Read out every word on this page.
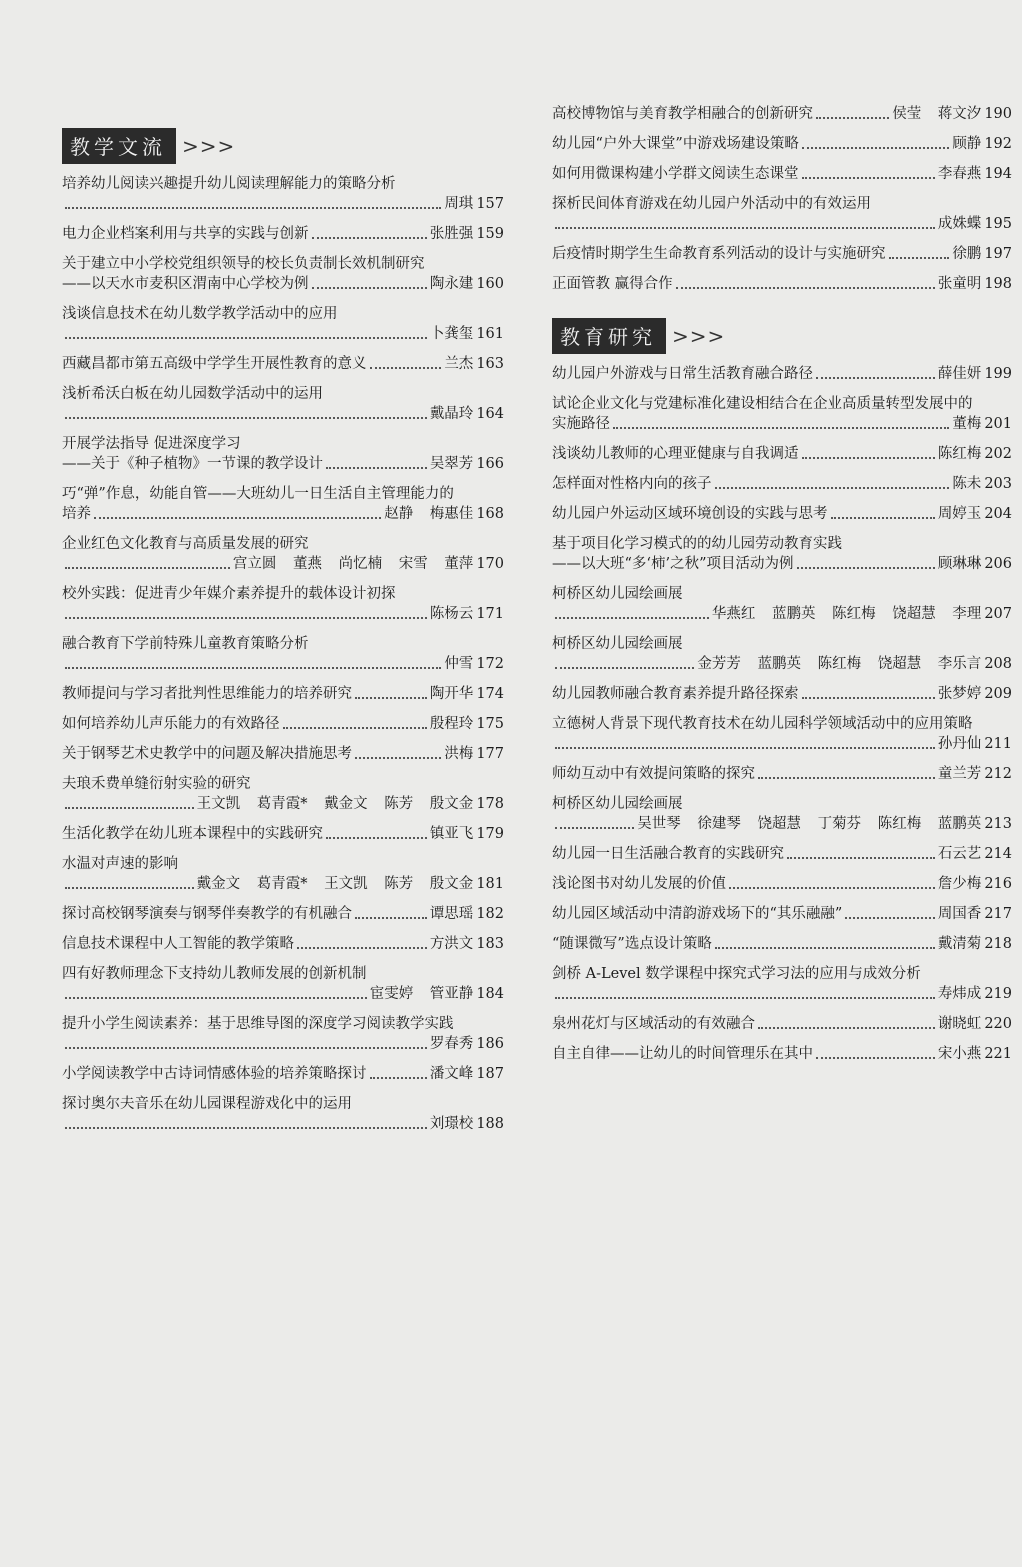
教学文流 >>>
培养幼儿阅读兴趣提升幼儿阅读理解能力的策略分析
周琪 157
电力企业档案利用与共享的实践与创新	张胜强 159
关于建立中小学校党组织领导的校长负责制长效机制研究
——以天水市麦积区渭南中心学校为例	陶永建 160
浅谈信息技术在幼儿数学教学活动中的应用
卜龚玺 161
西藏昌都市第五高级中学学生开展性教育的意义	兰杰 163
浅析希沃白板在幼儿园数学活动中的运用
戴晶玲 164
开展学法指导 促进深度学习
——关于《种子植物》一节课的教学设计	吴翠芳 166
巧“弹”作息，幼能自管——大班幼儿一日生活自主管理能力的
培养	赵静 梅惠佳 168
企业红色文化教育与高质量发展的研究
宫立圆 董燕 尚忆楠 宋雪 董萍 170
校外实践：促进青少年媒介素养提升的载体设计初探
陈杨云 171
融合教育下学前特殊儿童教育策略分析
仲雪 172
教师提问与学习者批判性思维能力的培养研究	陶开华 174
如何培养幼儿声乐能力的有效路径	殷程玲 175
关于钢琴艺术史教学中的问题及解决措施思考	洪梅 177
夫琅禾费单缝衍射实验的研究
王文凯 葛青霞* 戴金文 陈芳 殷文金 178
生活化教学在幼儿班本课程中的实践研究	镇亚飞 179
水温对声速的影响
戴金文 葛青霞* 王文凯 陈芳 殷文金 181
探讨高校钢琴演奏与钢琴伴奏教学的有机融合	谭思瑶 182
信息技术课程中人工智能的教学策略	方洪文 183
四有好教师理念下支持幼儿教师发展的创新机制
宦雯婷 管亚静 184
提升小学生阅读素养：基于思维导图的深度学习阅读教学实践
罗春秀 186
小学阅读教学中古诗词情感体验的培养策略探讨	潘文峰 187
探讨奥尔夫音乐在幼儿园课程游戏化中的运用
刘璟校 188
高校博物馆与美育教学相融合的创新研究	侯莹 蒋文汐 190
幼儿园“户外大课堂”中游戏场建设策略	顾静 192
如何用微课构建小学群文阅读生态课堂	李春燕 194
探析民间体育游戏在幼儿园户外活动中的有效运用
成姝蝶 195
后疫情时期学生生命教育系列活动的设计与实施研究	徐鹏 197
正面管教 赢得合作	张童明 198
教育研究 >>>
幼儿园户外游戏与日常生活教育融合路径	薛佳妍 199
试论企业文化与党建标准化建设相结合在企业高质量转型发展中的
实施路径	董梅 201
浅谈幼儿教师的心理亚健康与自我调适	陈红梅 202
怎样面对性格内向的孩子	陈未 203
幼儿园户外运动区域环境创设的实践与思考	周婷玉 204
基于项目化学习模式的的幼儿园劳动教育实践
——以大班“多‘柿’之秋”项目活动为例	顾琳琳 206
柯桥区幼儿园绘画展
华燕红 蓝鹏英 陈红梅 饶超慧 李理 207
柯桥区幼儿园绘画展
金芳芳 蓝鹏英 陈红梅 饶超慧 李乐言 208
幼儿园教师融合教育素养提升路径探索	张梦婷 209
立德树人背景下现代教育技术在幼儿园科学领域活动中的应用策略
孙丹仙 211
师幼互动中有效提问策略的探究	童兰芳 212
柯桥区幼儿园绘画展
吴世琴 徐建琴 饶超慧 丁菊芬 陈红梅 蓝鹏英 213
幼儿园一日生活融合教育的实践研究	石云艺 214
浅论图书对幼儿发展的价值	詹少梅 216
幼儿园区域活动中清韵游戏场下的“其乐融融”	周国香 217
“随课微写”选点设计策略	戴清菊 218
剑桥 A-Level 数学课程中探究式学习法的应用与成效分析
寿炜成 219
泉州花灯与区域活动的有效融合	谢晓虹 220
自主自律——让幼儿的时间管理乐在其中	宋小燕 221
